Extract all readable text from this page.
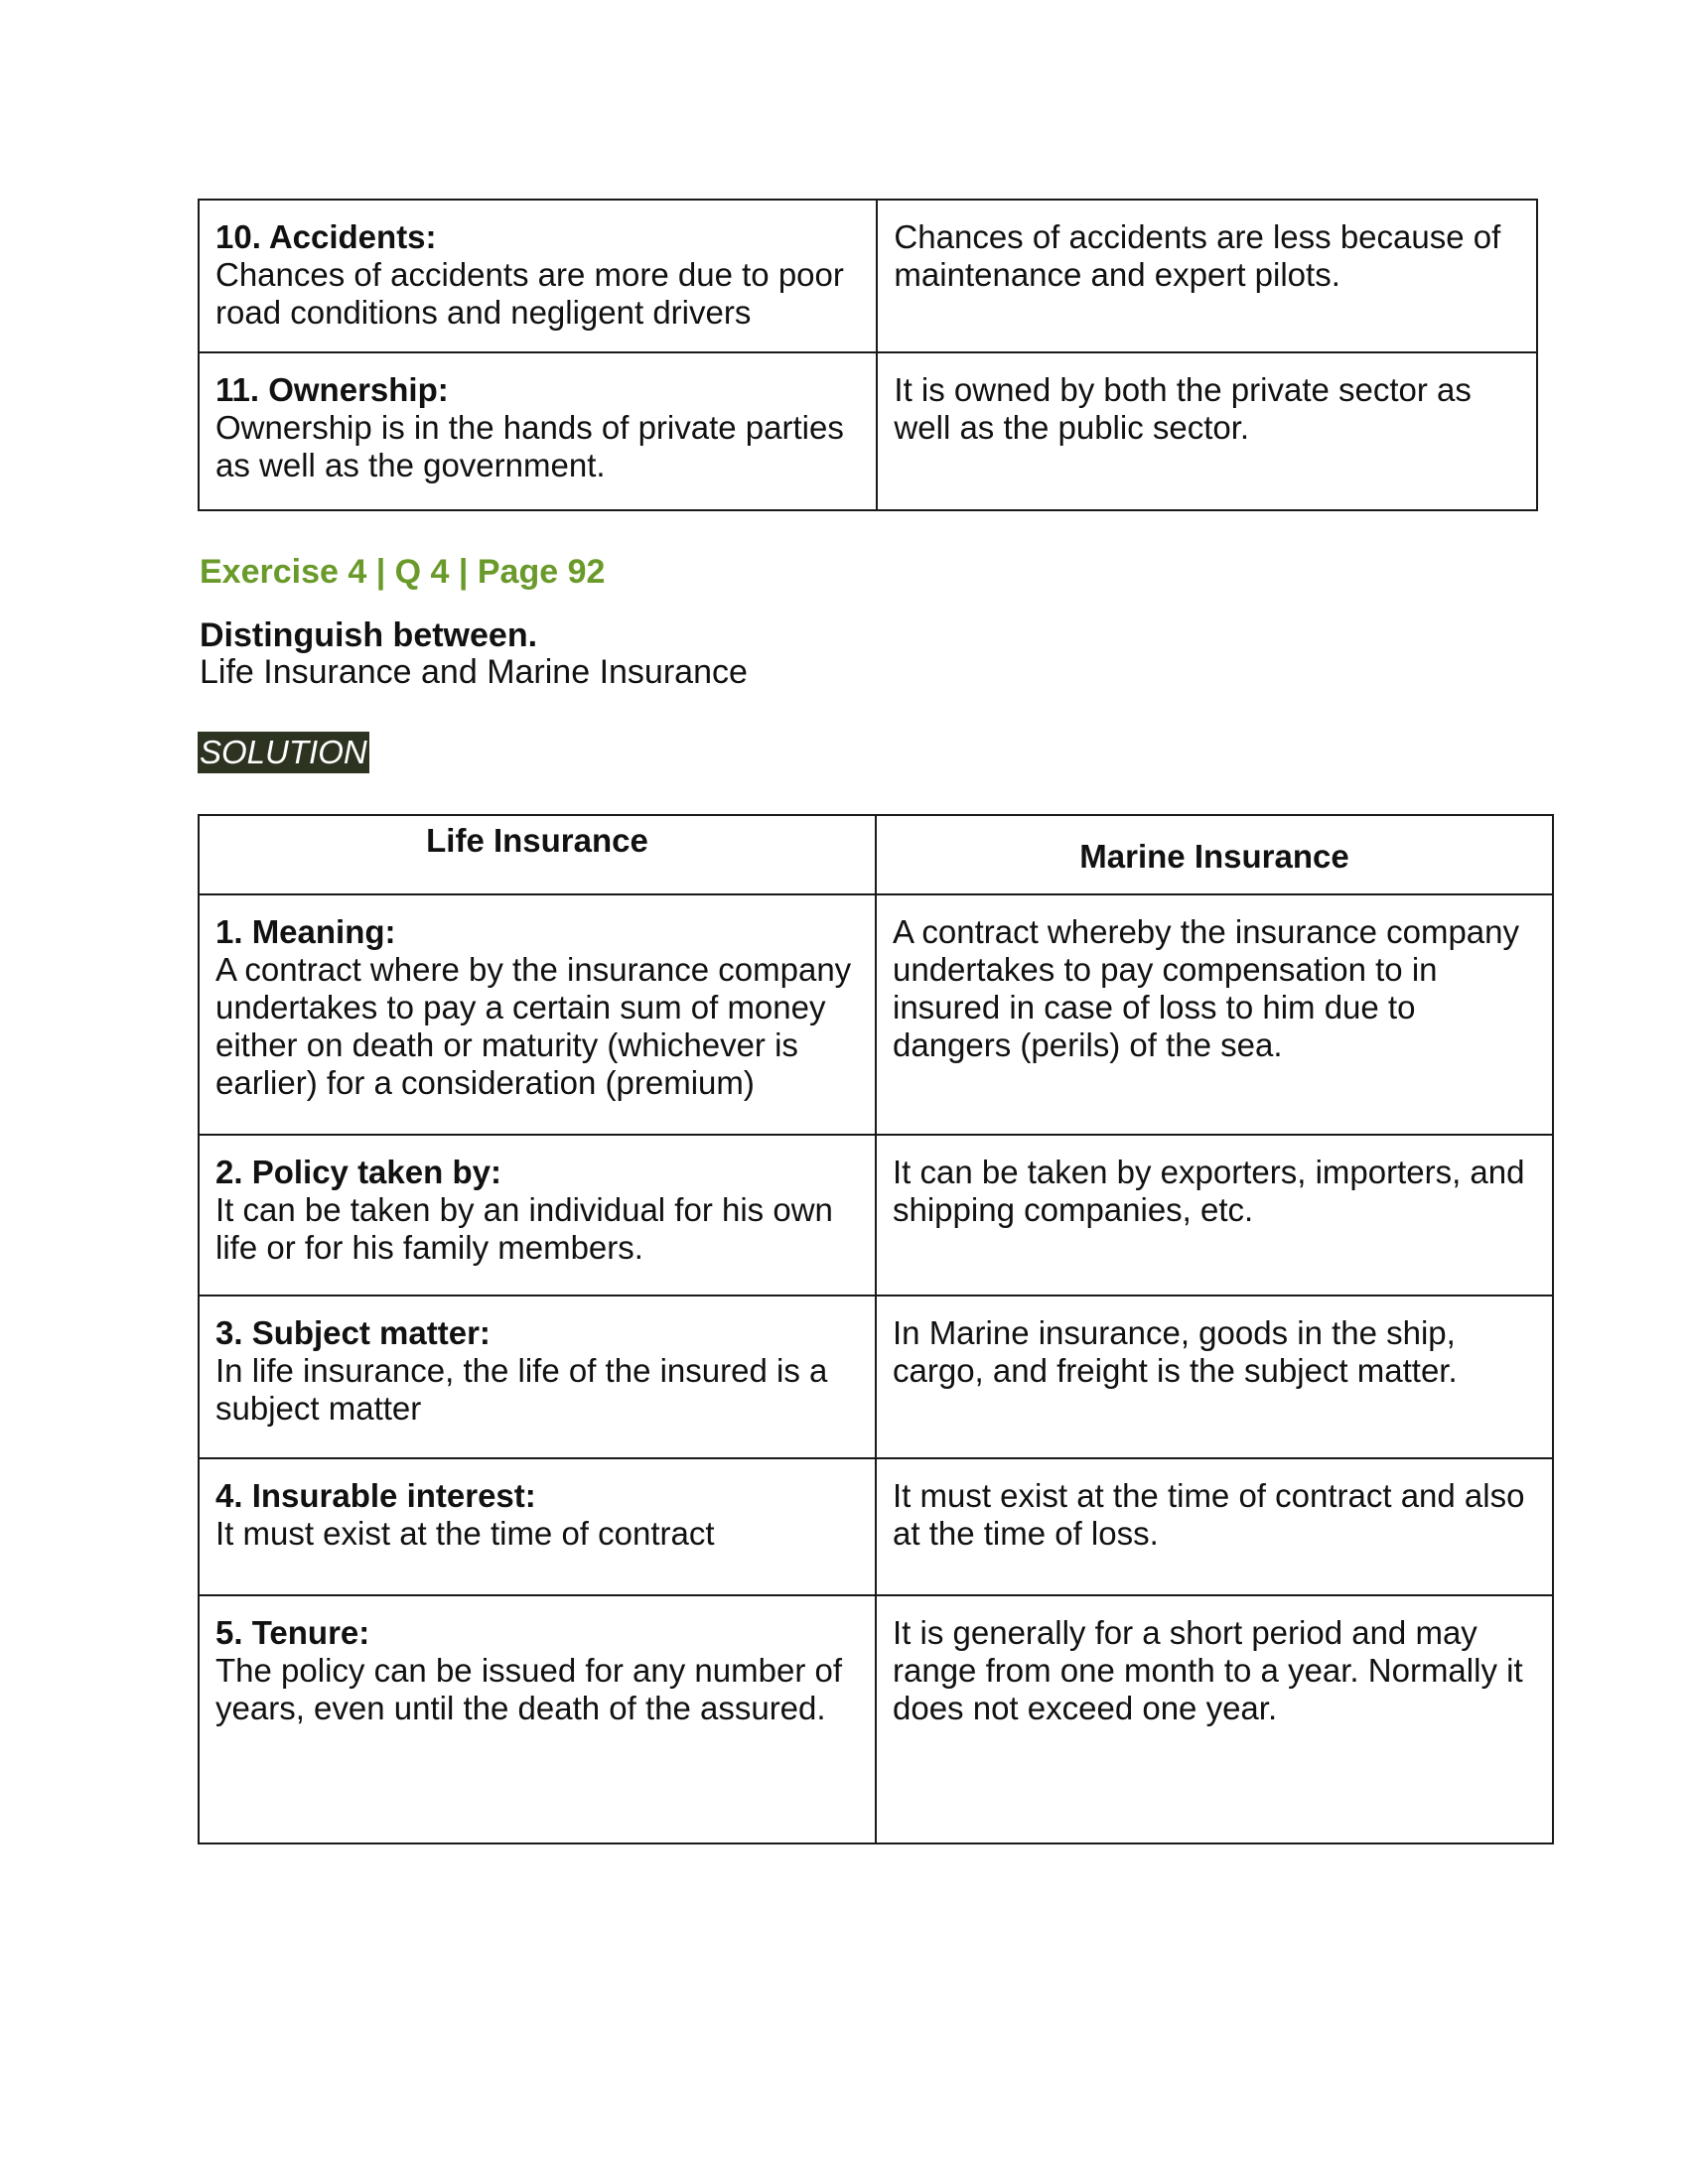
10. Accidents:
Chances of accidents are more due to poor road conditions and negligent drivers	Chances of accidents are less because of maintenance and expert pilots.

11. Ownership:
Ownership is in the hands of private parties as well as the government.	It is owned by both the private sector as well as the public sector.
Exercise 4 | Q 4 | Page 92
Distinguish between.
Life Insurance and Marine Insurance
SOLUTION
Life Insurance	Marine Insurance

1. Meaning:
A contract where by the insurance company undertakes to pay a certain sum of money either on death or maturity (whichever is earlier) for a consideration (premium)	A contract whereby the insurance company undertakes to pay compensation to in insured in case of loss to him due to dangers (perils) of the sea.

2. Policy taken by:
It can be taken by an individual for his own life or for his family members.	It can be taken by exporters, importers, and shipping companies, etc.

3. Subject matter:
In life insurance, the life of the insured is a subject matter	In Marine insurance, goods in the ship, cargo, and freight is the subject matter.

4. Insurable interest:
It must exist at the time of contract	It must exist at the time of contract and also at the time of loss.

5. Tenure:
The policy can be issued for any number of years, even until the death of the assured.	It is generally for a short period and may range from one month to a year. Normally it does not exceed one year.
